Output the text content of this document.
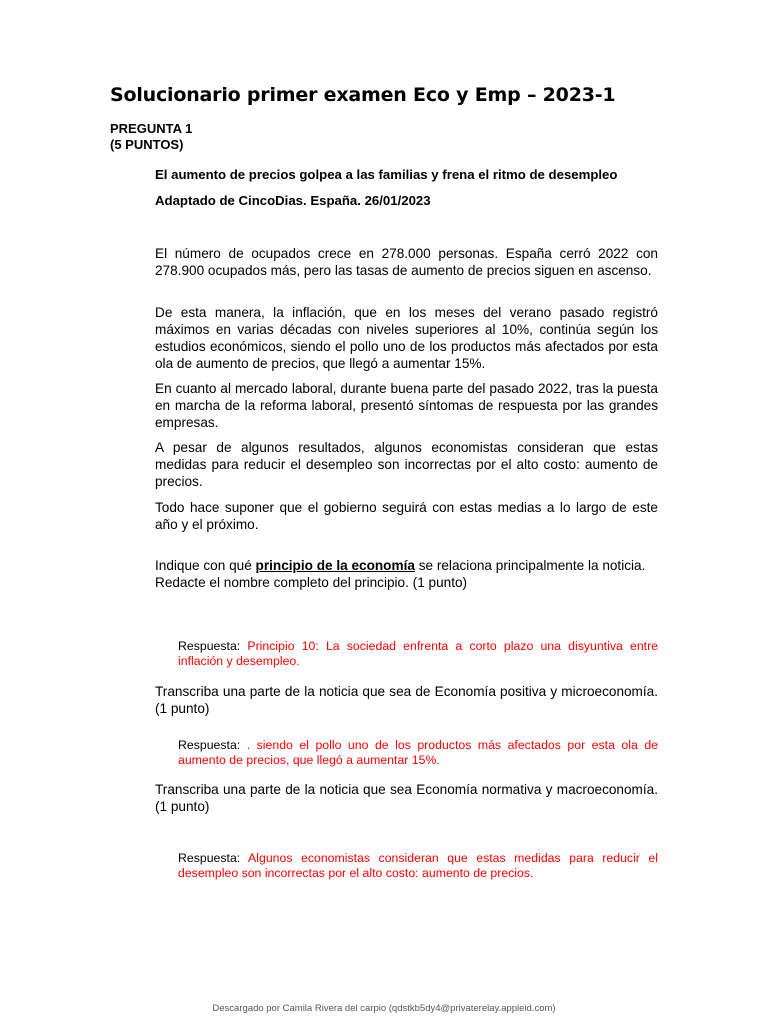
Solucionario primer examen Eco y Emp – 2023-1
PREGUNTA 1
(5 PUNTOS)
El aumento de precios golpea a las familias y frena el ritmo de desempleo
Adaptado de CincoDias. España. 26/01/2023

El número de ocupados crece en 278.000 personas. España cerró 2022 con 278.900 ocupados más, pero las tasas de aumento de precios siguen en ascenso.

De esta manera, la inflación, que en los meses del verano pasado registró máximos en varias décadas con niveles superiores al 10%, continúa según los estudios económicos, siendo el pollo uno de los productos más afectados por esta ola de aumento de precios, que llegó a aumentar 15%.

En cuanto al mercado laboral, durante buena parte del pasado 2022, tras la puesta en marcha de la reforma laboral, presentó síntomas de respuesta por las grandes empresas.

A pesar de algunos resultados, algunos economistas consideran que estas medidas para reducir el desempleo son incorrectas por el alto costo: aumento de precios.

Todo hace suponer que el gobierno seguirá con estas medias a lo largo de este año y el próximo.

Indique con qué principio de la economía se relaciona principalmente la noticia. Redacte el nombre completo del principio. (1 punto)

Respuesta: Principio 10: La sociedad enfrenta a corto plazo una disyuntiva entre inflación y desempleo.

Transcriba una parte de la noticia que sea de Economía positiva y microeconomía. (1 punto)

Respuesta: . siendo el pollo uno de los productos más afectados por esta ola de aumento de precios, que llegó a aumentar 15%.

Transcriba una parte de la noticia que sea Economía normativa y macroeconomía. (1 punto)

Respuesta: Algunos economistas consideran que estas medidas para reducir el desempleo son incorrectas por el alto costo: aumento de precios.

Descargado por Camila Rivera del carpio (qdstkb5dy4@privaterelay.appleid.com)
